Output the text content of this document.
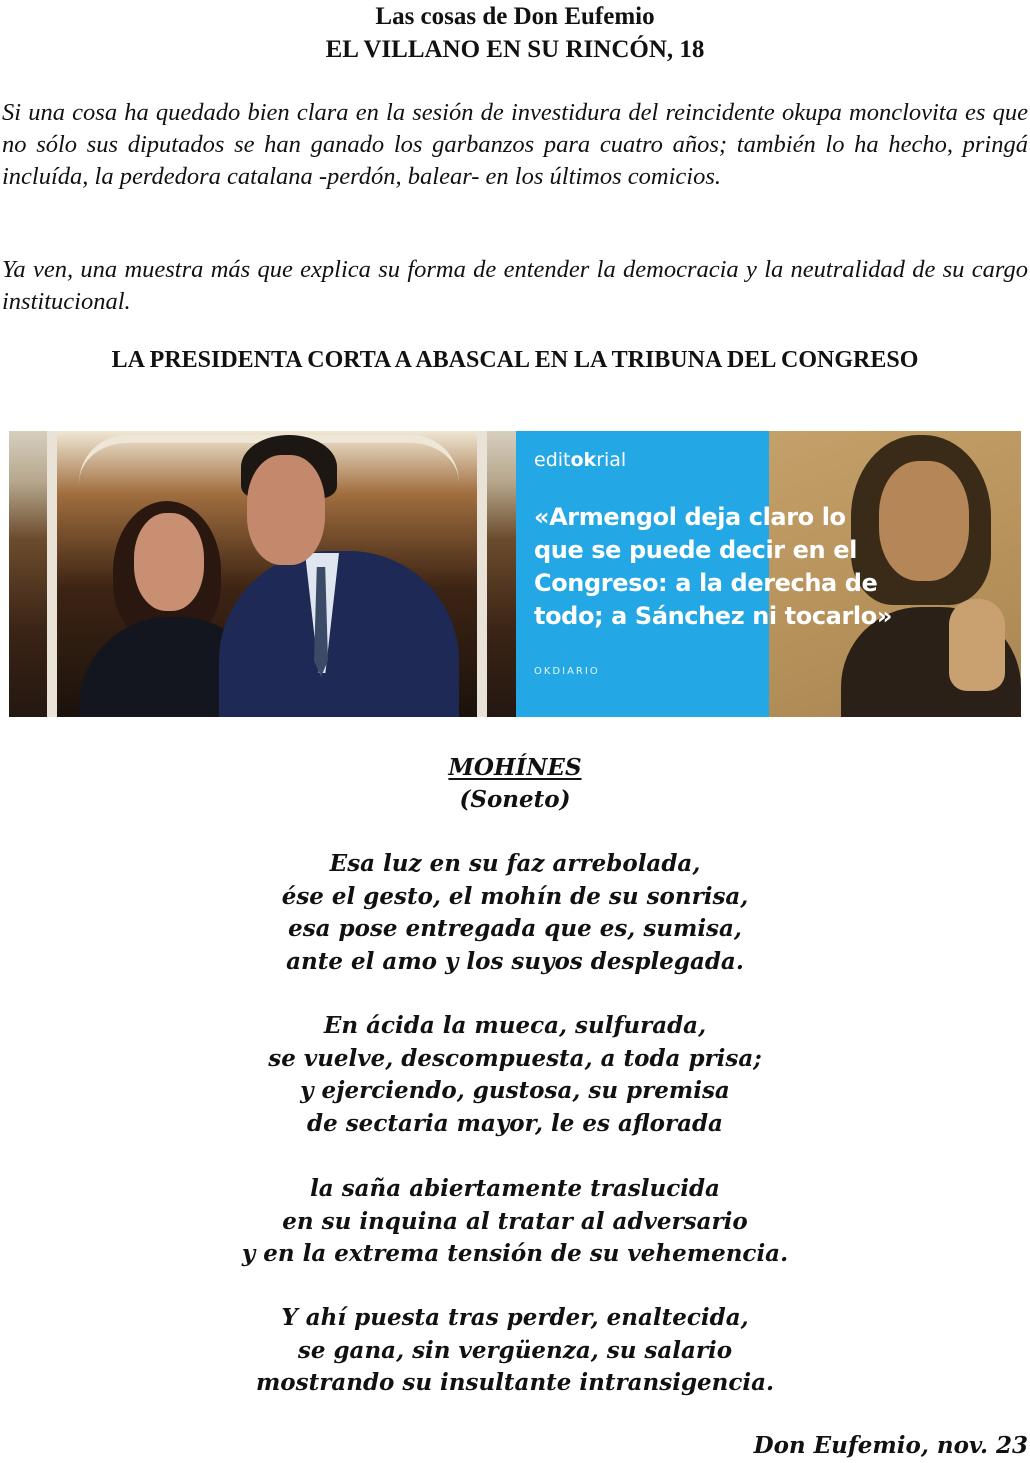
Las cosas de Don Eufemio
EL VILLANO EN SU RINCÓN, 18

Si una cosa ha quedado bien clara en la sesión de investidura del reincidente okupa monclovita es que no sólo sus diputados se han ganado los garbanzos para cuatro años; también lo ha hecho, pringá incluída, la perdedora catalana -perdón, balear- en los últimos comicios.

Ya ven, una muestra más que explica su forma de entender la democracia y la neutralidad de su cargo institucional.

LA PRESIDENTA CORTA A ABASCAL EN LA TRIBUNA DEL CONGRESO
editokrial
OKDIARIO
«Armengol deja claro lo
que se puede decir en el
Congreso: a la derecha de
todo; a Sánchez ni tocarlo»
MOHÍNES
(Soneto)
Esa luz en su faz arrebolada,
ése el gesto, el mohín de su sonrisa,
esa pose entregada que es, sumisa,
ante el amo y los suyos desplegada.
En ácida la mueca, sulfurada,
se vuelve, descompuesta, a toda prisa;
y ejerciendo, gustosa, su premisa
de sectaria mayor, le es aflorada
la saña abiertamente traslucida
en su inquina al tratar al adversario
y en la extrema tensión de su vehemencia.
Y ahí puesta tras perder, enaltecida,
se gana, sin vergüenza, su salario
mostrando su insultante intransigencia.
Don Eufemio, nov. 23
